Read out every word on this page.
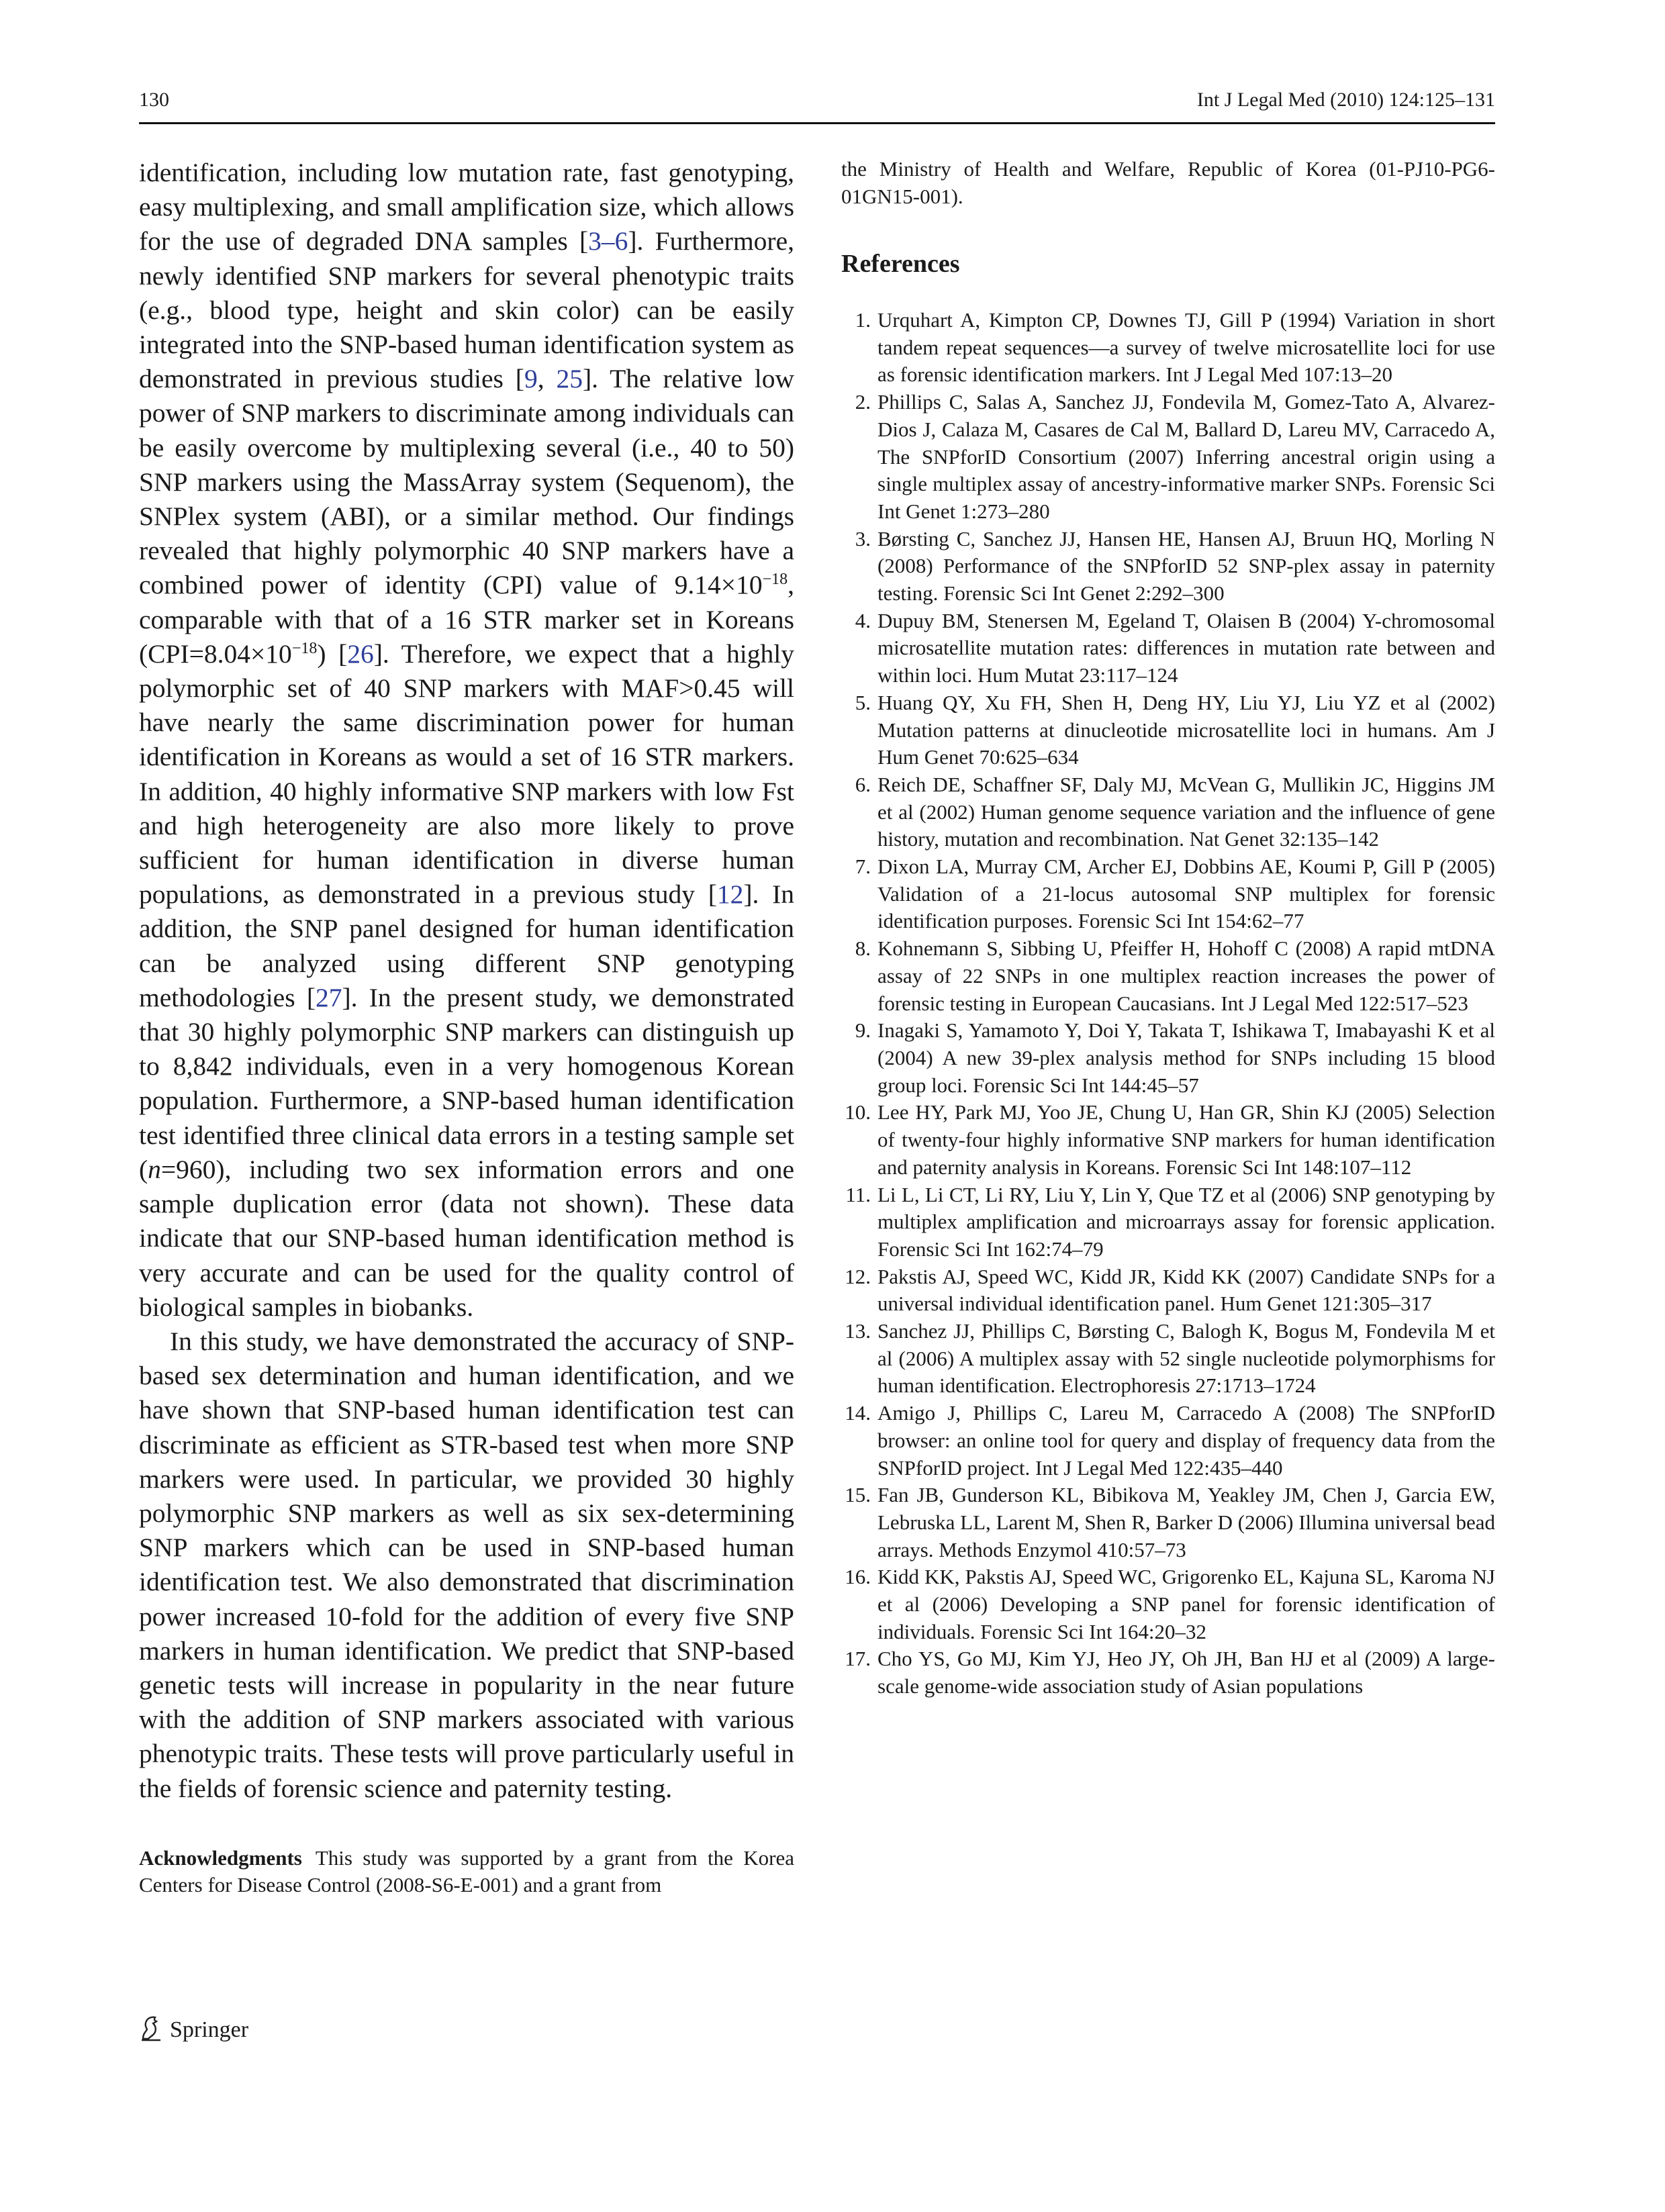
130	Int J Legal Med (2010) 124:125–131

identification, including low mutation rate, fast genotyping, easy multiplexing, and small amplification size, which allows for the use of degraded DNA samples [3–6]. Furthermore, newly identified SNP markers for several phenotypic traits (e.g., blood type, height and skin color) can be easily integrated into the SNP-based human identification system as demonstrated in previous studies [9, 25]. The relative low power of SNP markers to discriminate among individuals can be easily overcome by multiplexing several (i.e., 40 to 50) SNP markers using the MassArray system (Sequenom), the SNPlex system (ABI), or a similar method. Our findings revealed that highly polymorphic 40 SNP markers have a combined power of identity (CPI) value of $9.14\times 10^{-18}$, comparable with that of a 16 STR marker set in Koreans $(CPI=8.04\times 10^{-18})$ [26]. Therefore, we expect that a highly polymorphic set of 40 SNP markers with MAF>0.45 will have nearly the same discrimination power for human identification in Koreans as would a set of 16 STR markers. In addition, 40 highly informative SNP markers with low Fst and high heterogeneity are also more likely to prove sufficient for human identification in diverse human populations, as demonstrated in a previous study [12]. In addition, the SNP panel designed for human identification can be analyzed using different SNP genotyping methodologies [27]. In the present study, we demonstrated that 30 highly polymorphic SNP markers can distinguish up to 8,842 individuals, even in a very homogenous Korean population. Furthermore, a SNP-based human identification test identified three clinical data errors in a testing sample set (n=960), including two sex information errors and one sample duplication error (data not shown). These data indicate that our SNP-based human identification method is very accurate and can be used for the quality control of biological samples in biobanks.

In this study, we have demonstrated the accuracy of SNP-based sex determination and human identification, and we have shown that SNP-based human identification test can discriminate as efficient as STR-based test when more SNP markers were used. In particular, we provided 30 highly polymorphic SNP markers as well as six sex-determining SNP markers which can be used in SNP-based human identification test. We also demonstrated that discrimination power increased 10-fold for the addition of every five SNP markers in human identification. We predict that SNP-based genetic tests will increase in popularity in the near future with the addition of SNP markers associated with various phenotypic traits. These tests will prove particularly useful in the fields of forensic science and paternity testing.

Acknowledgments This study was supported by a grant from the Korea Centers for Disease Control (2008-S6-E-001) and a grant from

the Ministry of Health and Welfare, Republic of Korea (01-PJ10-PG6-01GN15-001).

References
1. Urquhart A, Kimpton CP, Downes TJ, Gill P (1994) Variation in short tandem repeat sequences—a survey of twelve microsatellite loci for use as forensic identification markers. Int J Legal Med 107:13–20
2. Phillips C, Salas A, Sanchez JJ, Fondevila M, Gomez-Tato A, Alvarez-Dios J, Calaza M, Casares de Cal M, Ballard D, Lareu MV, Carracedo A, The SNPforID Consortium (2007) Inferring ancestral origin using a single multiplex assay of ancestry-informative marker SNPs. Forensic Sci Int Genet 1:273–280
3. Børsting C, Sanchez JJ, Hansen HE, Hansen AJ, Bruun HQ, Morling N (2008) Performance of the SNPforID 52 SNP-plex assay in paternity testing. Forensic Sci Int Genet 2:292–300
4. Dupuy BM, Stenersen M, Egeland T, Olaisen B (2004) Y-chromosomal microsatellite mutation rates: differences in mutation rate between and within loci. Hum Mutat 23:117–124
5. Huang QY, Xu FH, Shen H, Deng HY, Liu YJ, Liu YZ et al (2002) Mutation patterns at dinucleotide microsatellite loci in humans. Am J Hum Genet 70:625–634
6. Reich DE, Schaffner SF, Daly MJ, McVean G, Mullikin JC, Higgins JM et al (2002) Human genome sequence variation and the influence of gene history, mutation and recombination. Nat Genet 32:135–142
7. Dixon LA, Murray CM, Archer EJ, Dobbins AE, Koumi P, Gill P (2005) Validation of a 21-locus autosomal SNP multiplex for forensic identification purposes. Forensic Sci Int 154:62–77
8. Kohnemann S, Sibbing U, Pfeiffer H, Hohoff C (2008) A rapid mtDNA assay of 22 SNPs in one multiplex reaction increases the power of forensic testing in European Caucasians. Int J Legal Med 122:517–523
9. Inagaki S, Yamamoto Y, Doi Y, Takata T, Ishikawa T, Imabayashi K et al (2004) A new 39-plex analysis method for SNPs including 15 blood group loci. Forensic Sci Int 144:45–57
10. Lee HY, Park MJ, Yoo JE, Chung U, Han GR, Shin KJ (2005) Selection of twenty-four highly informative SNP markers for human identification and paternity analysis in Koreans. Forensic Sci Int 148:107–112
11. Li L, Li CT, Li RY, Liu Y, Lin Y, Que TZ et al (2006) SNP genotyping by multiplex amplification and microarrays assay for forensic application. Forensic Sci Int 162:74–79
12. Pakstis AJ, Speed WC, Kidd JR, Kidd KK (2007) Candidate SNPs for a universal individual identification panel. Hum Genet 121:305–317
13. Sanchez JJ, Phillips C, Børsting C, Balogh K, Bogus M, Fondevila M et al (2006) A multiplex assay with 52 single nucleotide polymorphisms for human identification. Electrophoresis 27:1713–1724
14. Amigo J, Phillips C, Lareu M, Carracedo A (2008) The SNPforID browser: an online tool for query and display of frequency data from the SNPforID project. Int J Legal Med 122:435–440
15. Fan JB, Gunderson KL, Bibikova M, Yeakley JM, Chen J, Garcia EW, Lebruska LL, Larent M, Shen R, Barker D (2006) Illumina universal bead arrays. Methods Enzymol 410:57–73
16. Kidd KK, Pakstis AJ, Speed WC, Grigorenko EL, Kajuna SL, Karoma NJ et al (2006) Developing a SNP panel for forensic identification of individuals. Forensic Sci Int 164:20–32
17. Cho YS, Go MJ, Kim YJ, Heo JY, Oh JH, Ban HJ et al (2009) A large-scale genome-wide association study of Asian populations
Springer
